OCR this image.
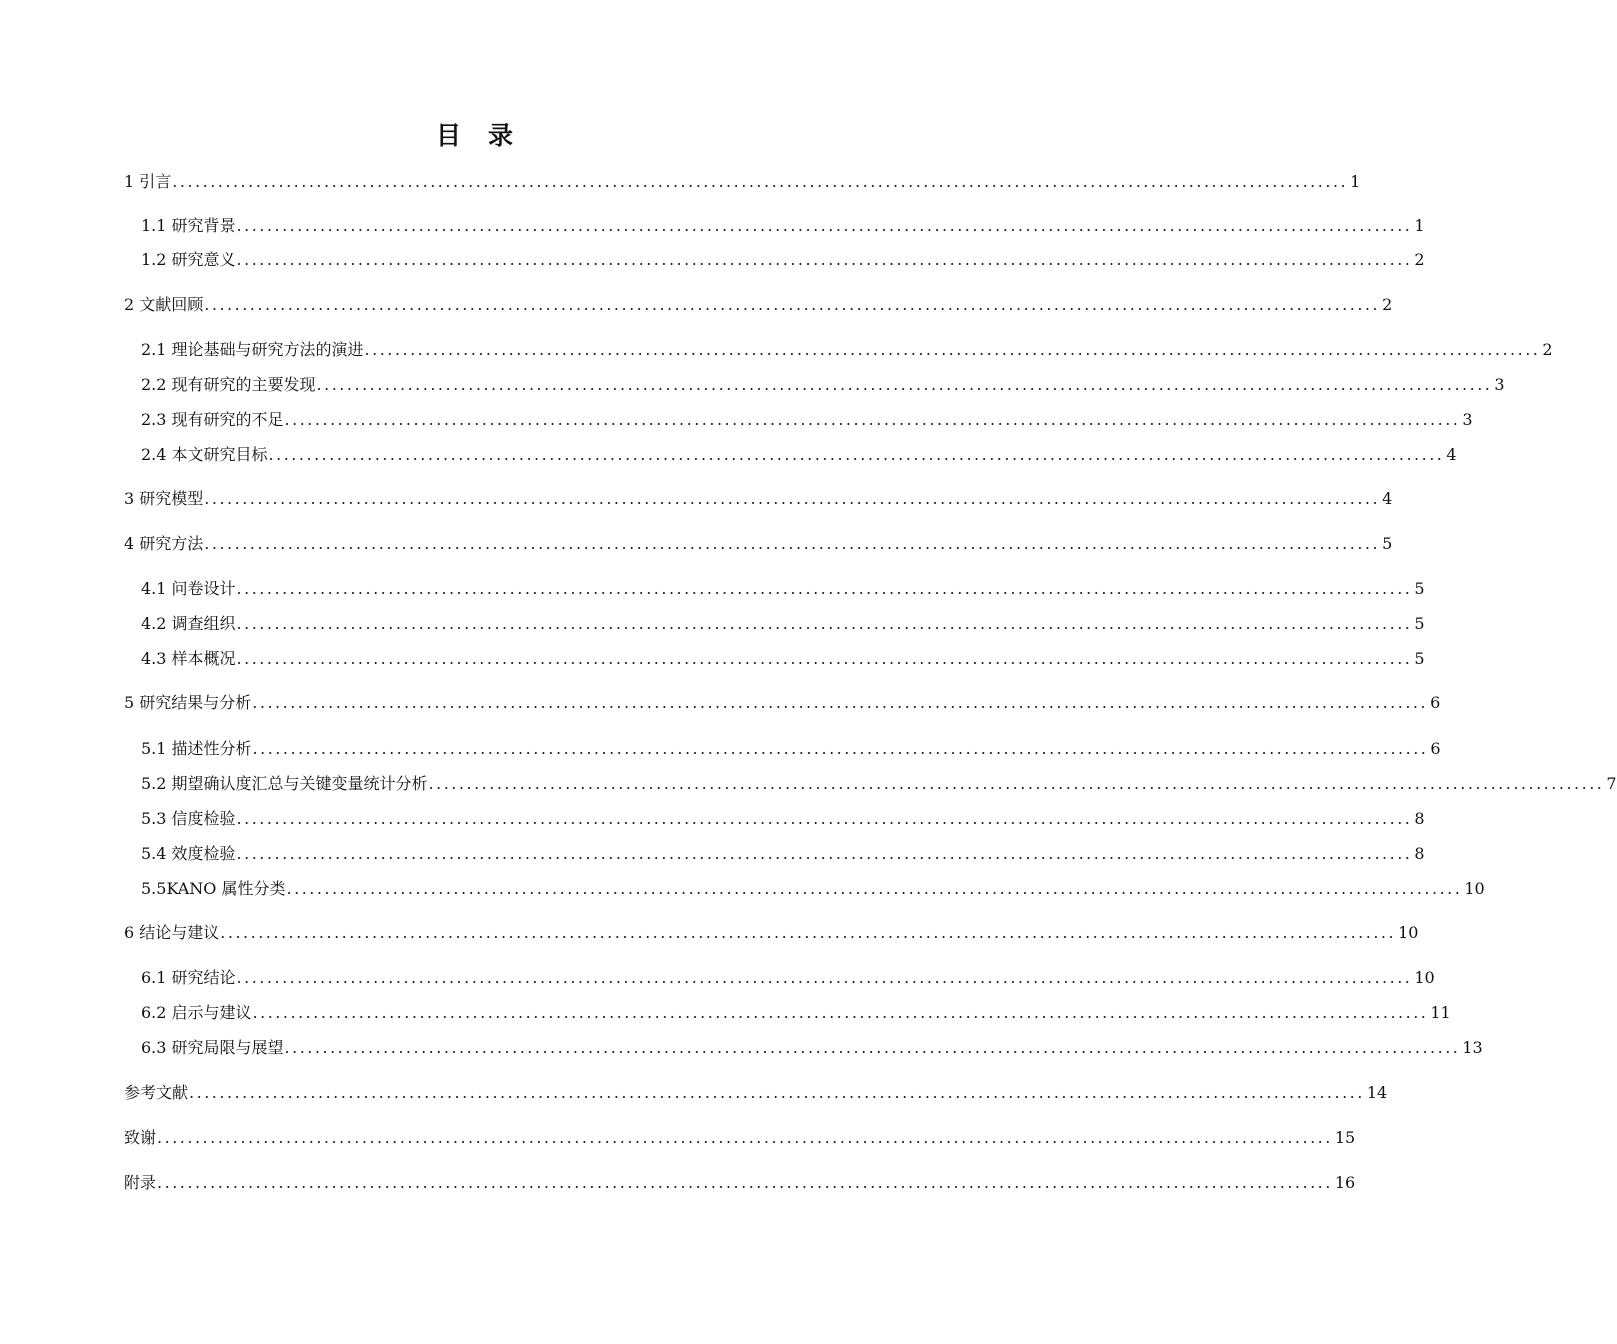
目　录
1 引言 ........................................................................................................................................................... 1
1.1 研究背景 ........................................................................................................................................................... 1
1.2 研究意义 ........................................................................................................................................................... 2
2 文献回顾 ........................................................................................................................................................... 2
2.1 理论基础与研究方法的演进 ........................................................................................................................................................... 2
2.2 现有研究的主要发现 ........................................................................................................................................................... 3
2.3 现有研究的不足 ........................................................................................................................................................... 3
2.4 本文研究目标 ........................................................................................................................................................... 4
3 研究模型 ........................................................................................................................................................... 4
4 研究方法 ........................................................................................................................................................... 5
4.1 问卷设计 ........................................................................................................................................................... 5
4.2 调查组织 ........................................................................................................................................................... 5
4.3 样本概况 ........................................................................................................................................................... 5
5 研究结果与分析 ........................................................................................................................................................... 6
5.1 描述性分析 ........................................................................................................................................................... 6
5.2 期望确认度汇总与关键变量统计分析 ........................................................................................................................................................... 7
5.3 信度检验 ........................................................................................................................................................... 8
5.4 效度检验 ........................................................................................................................................................... 8
5.5KANO 属性分类 ........................................................................................................................................................... 10
6 结论与建议 ........................................................................................................................................................... 10
6.1 研究结论 ........................................................................................................................................................... 10
6.2 启示与建议 ........................................................................................................................................................... 11
6.3 研究局限与展望 ........................................................................................................................................................... 13
参考文献 ........................................................................................................................................................... 14
致谢 ........................................................................................................................................................... 15
附录 ........................................................................................................................................................... 16
